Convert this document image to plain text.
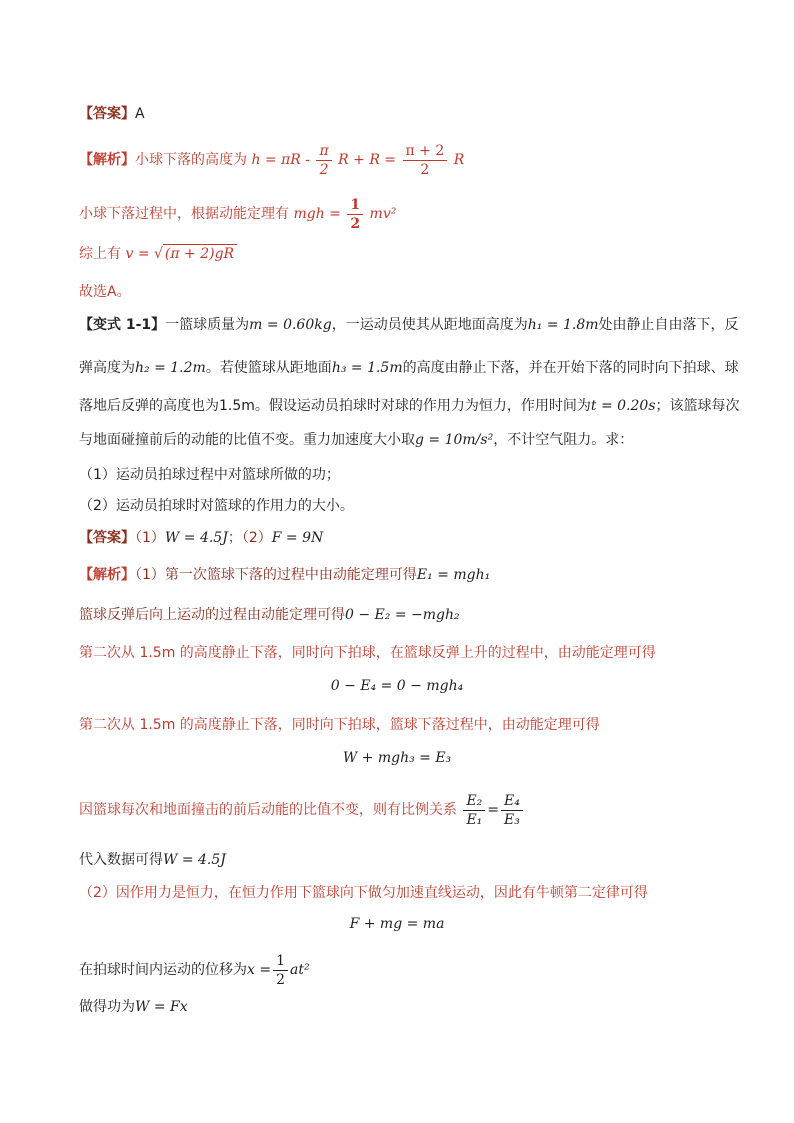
【答案】A
【解析】小球下落的高度为 $h = \pi R - \frac{\pi}{2}$ $R + R = \frac{\pi + 2}{2}$ R
小球下落过程中，根据动能定理有 mgh = $\frac{1}{2} mv^2$
综上有 v = √ (π + 2)gR
故选A。
【变式 1-1】一篮球质量为m = 0.60kg，一运动员使其从距地面高度为h₁ = 1.8m处由静止自由落下，反
弹高度为h₂ = 1.2m。若使篮球从距地面h₃ = 1.5m的高度由静止下落，并在开始下落的同时向下拍球、球
落地后反弹的高度也为1.5m。假设运动员拍球时对球的作用力为恒力，作用时间为t = 0.20s；该篮球每次
与地面碰撞前后的动能的比值不变。重力加速度大小取g = 10m/s²，不计空气阻力。求：
（1）运动员拍球过程中对篮球所做的功；
（2）运动员拍球时对篮球的作用力的大小。
【答案】（1）W = 4.5J；（2）F = 9N
【解析】（1）第一次篮球下落的过程中由动能定理可得E₁ = mgh₁
篮球反弹后向上运动的过程由动能定理可得0 − E₂ = −mgh₂
第二次从 1.5m 的高度静止下落，同时向下拍球，在篮球反弹上升的过程中，由动能定理可得
0 − E₄ = 0 − mgh₄
第二次从 1.5m 的高度静止下落，同时向下拍球，篮球下落过程中，由动能定理可得
W + mgh₃ = E₃
因篮球每次和地面撞击的前后动能的比值不变，则有比例关系 $\frac{\text{E₂}}{\text{E₁}} = \frac{\text{E₄}}{\text{E₃}}$
代入数据可得W = 4.5J
（2）因作用力是恒力，在恒力作用下篮球向下做匀加速直线运动，因此有牛顿第二定律可得
F + mg = ma
在拍球时间内运动的位移为$x = \frac{1}{2} at^2$
做得功为W = Fx
